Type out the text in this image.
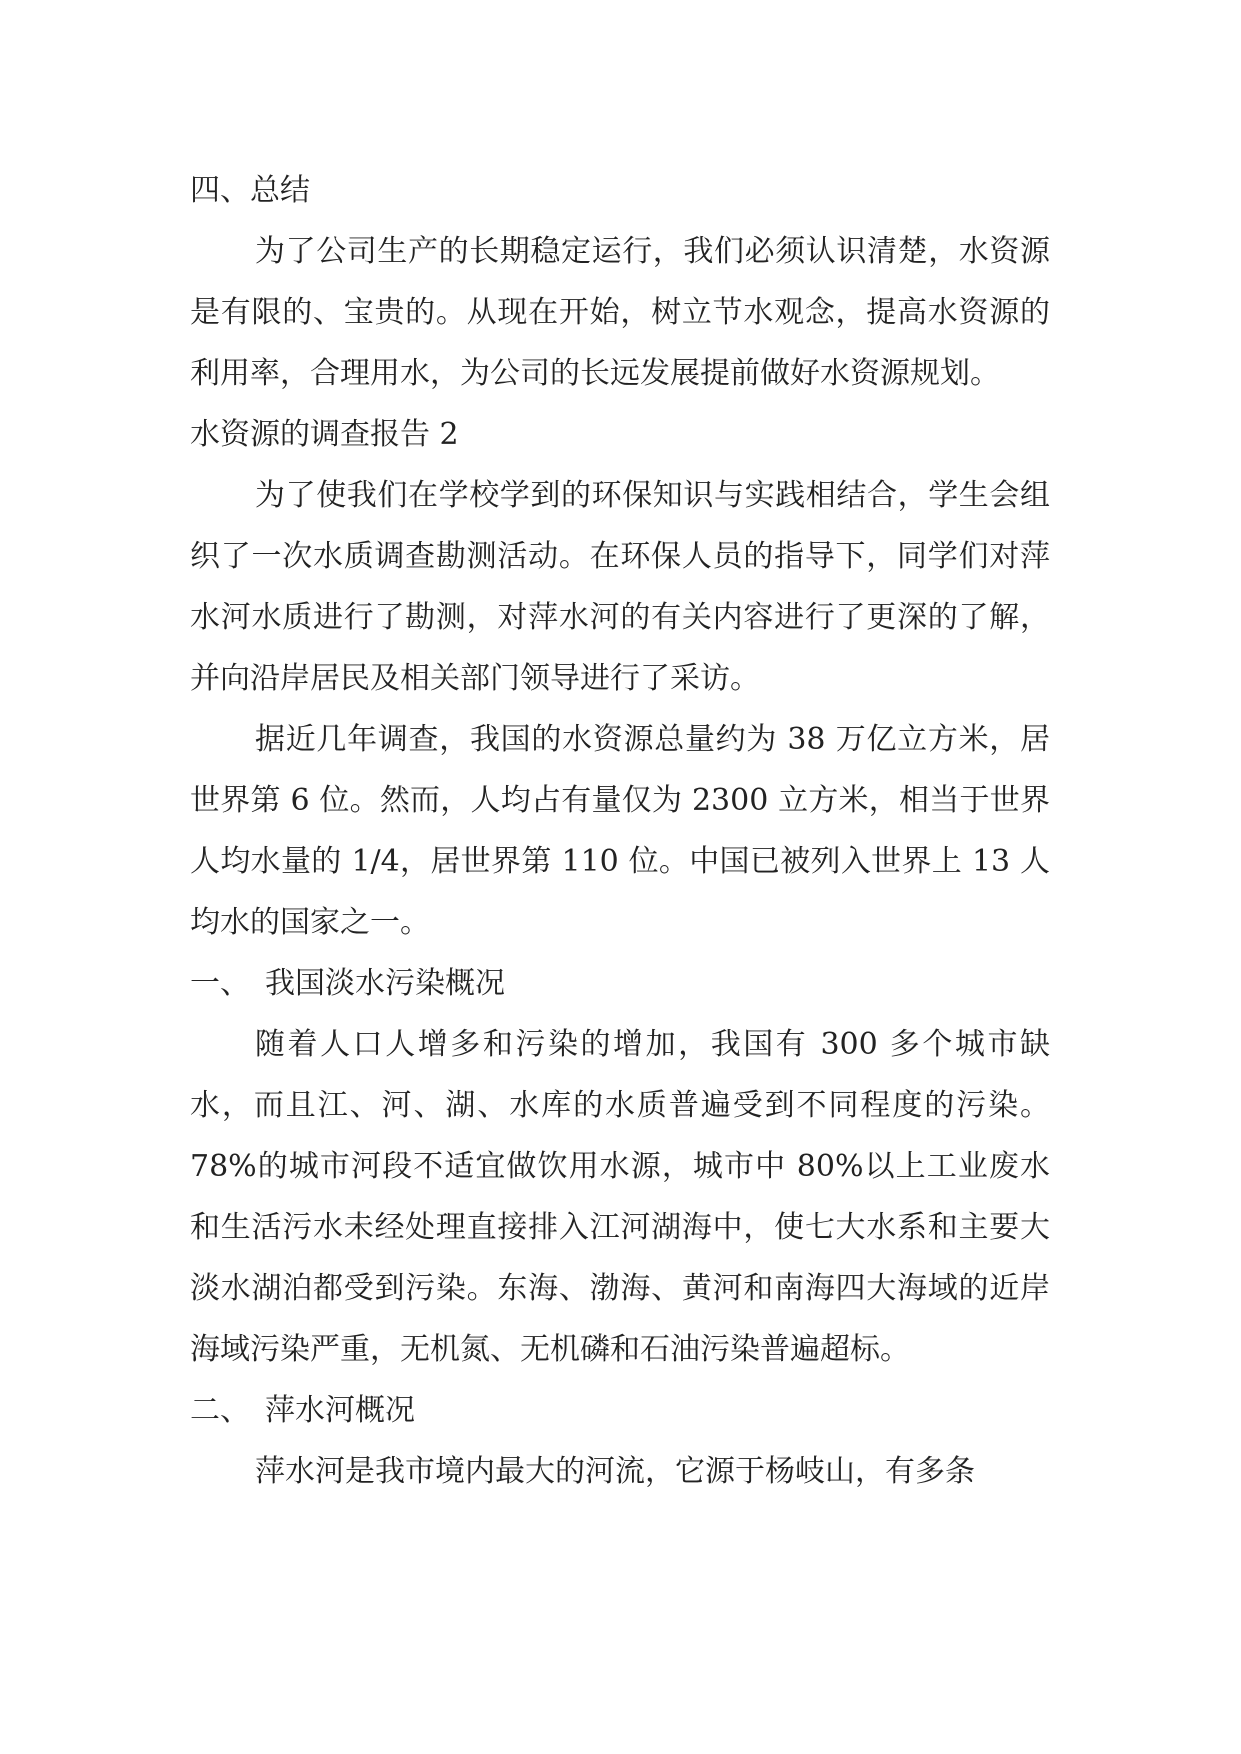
四、总结

为了公司生产的长期稳定运行，我们必须认识清楚，水资源是有限的、宝贵的。从现在开始，树立节水观念，提高水资源的利用率，合理用水，为公司的长远发展提前做好水资源规划。

水资源的调查报告 2

为了使我们在学校学到的环保知识与实践相结合，学生会组织了一次水质调查勘测活动。在环保人员的指导下，同学们对萍水河水质进行了勘测，对萍水河的有关内容进行了更深的了解，并向沿岸居民及相关部门领导进行了采访。

据近几年调查，我国的水资源总量约为 38 万亿立方米，居世界第 6 位。然而，人均占有量仅为 2300 立方米，相当于世界人均水量的 1/4，居世界第 110 位。中国已被列入世界上 13 人均水的国家之一。

一、　我国淡水污染概况

随着人口人增多和污染的增加，我国有 300 多个城市缺水，而且江、河、湖、水库的水质普遍受到不同程度的污染。78%的城市河段不适宜做饮用水源，城市中 80%以上工业废水和生活污水未经处理直接排入江河湖海中，使七大水系和主要大淡水湖泊都受到污染。东海、渤海、黄河和南海四大海域的近岸海域污染严重，无机氮、无机磷和石油污染普遍超标。

二、　萍水河概况

萍水河是我市境内最大的河流，它源于杨岐山，有多条
